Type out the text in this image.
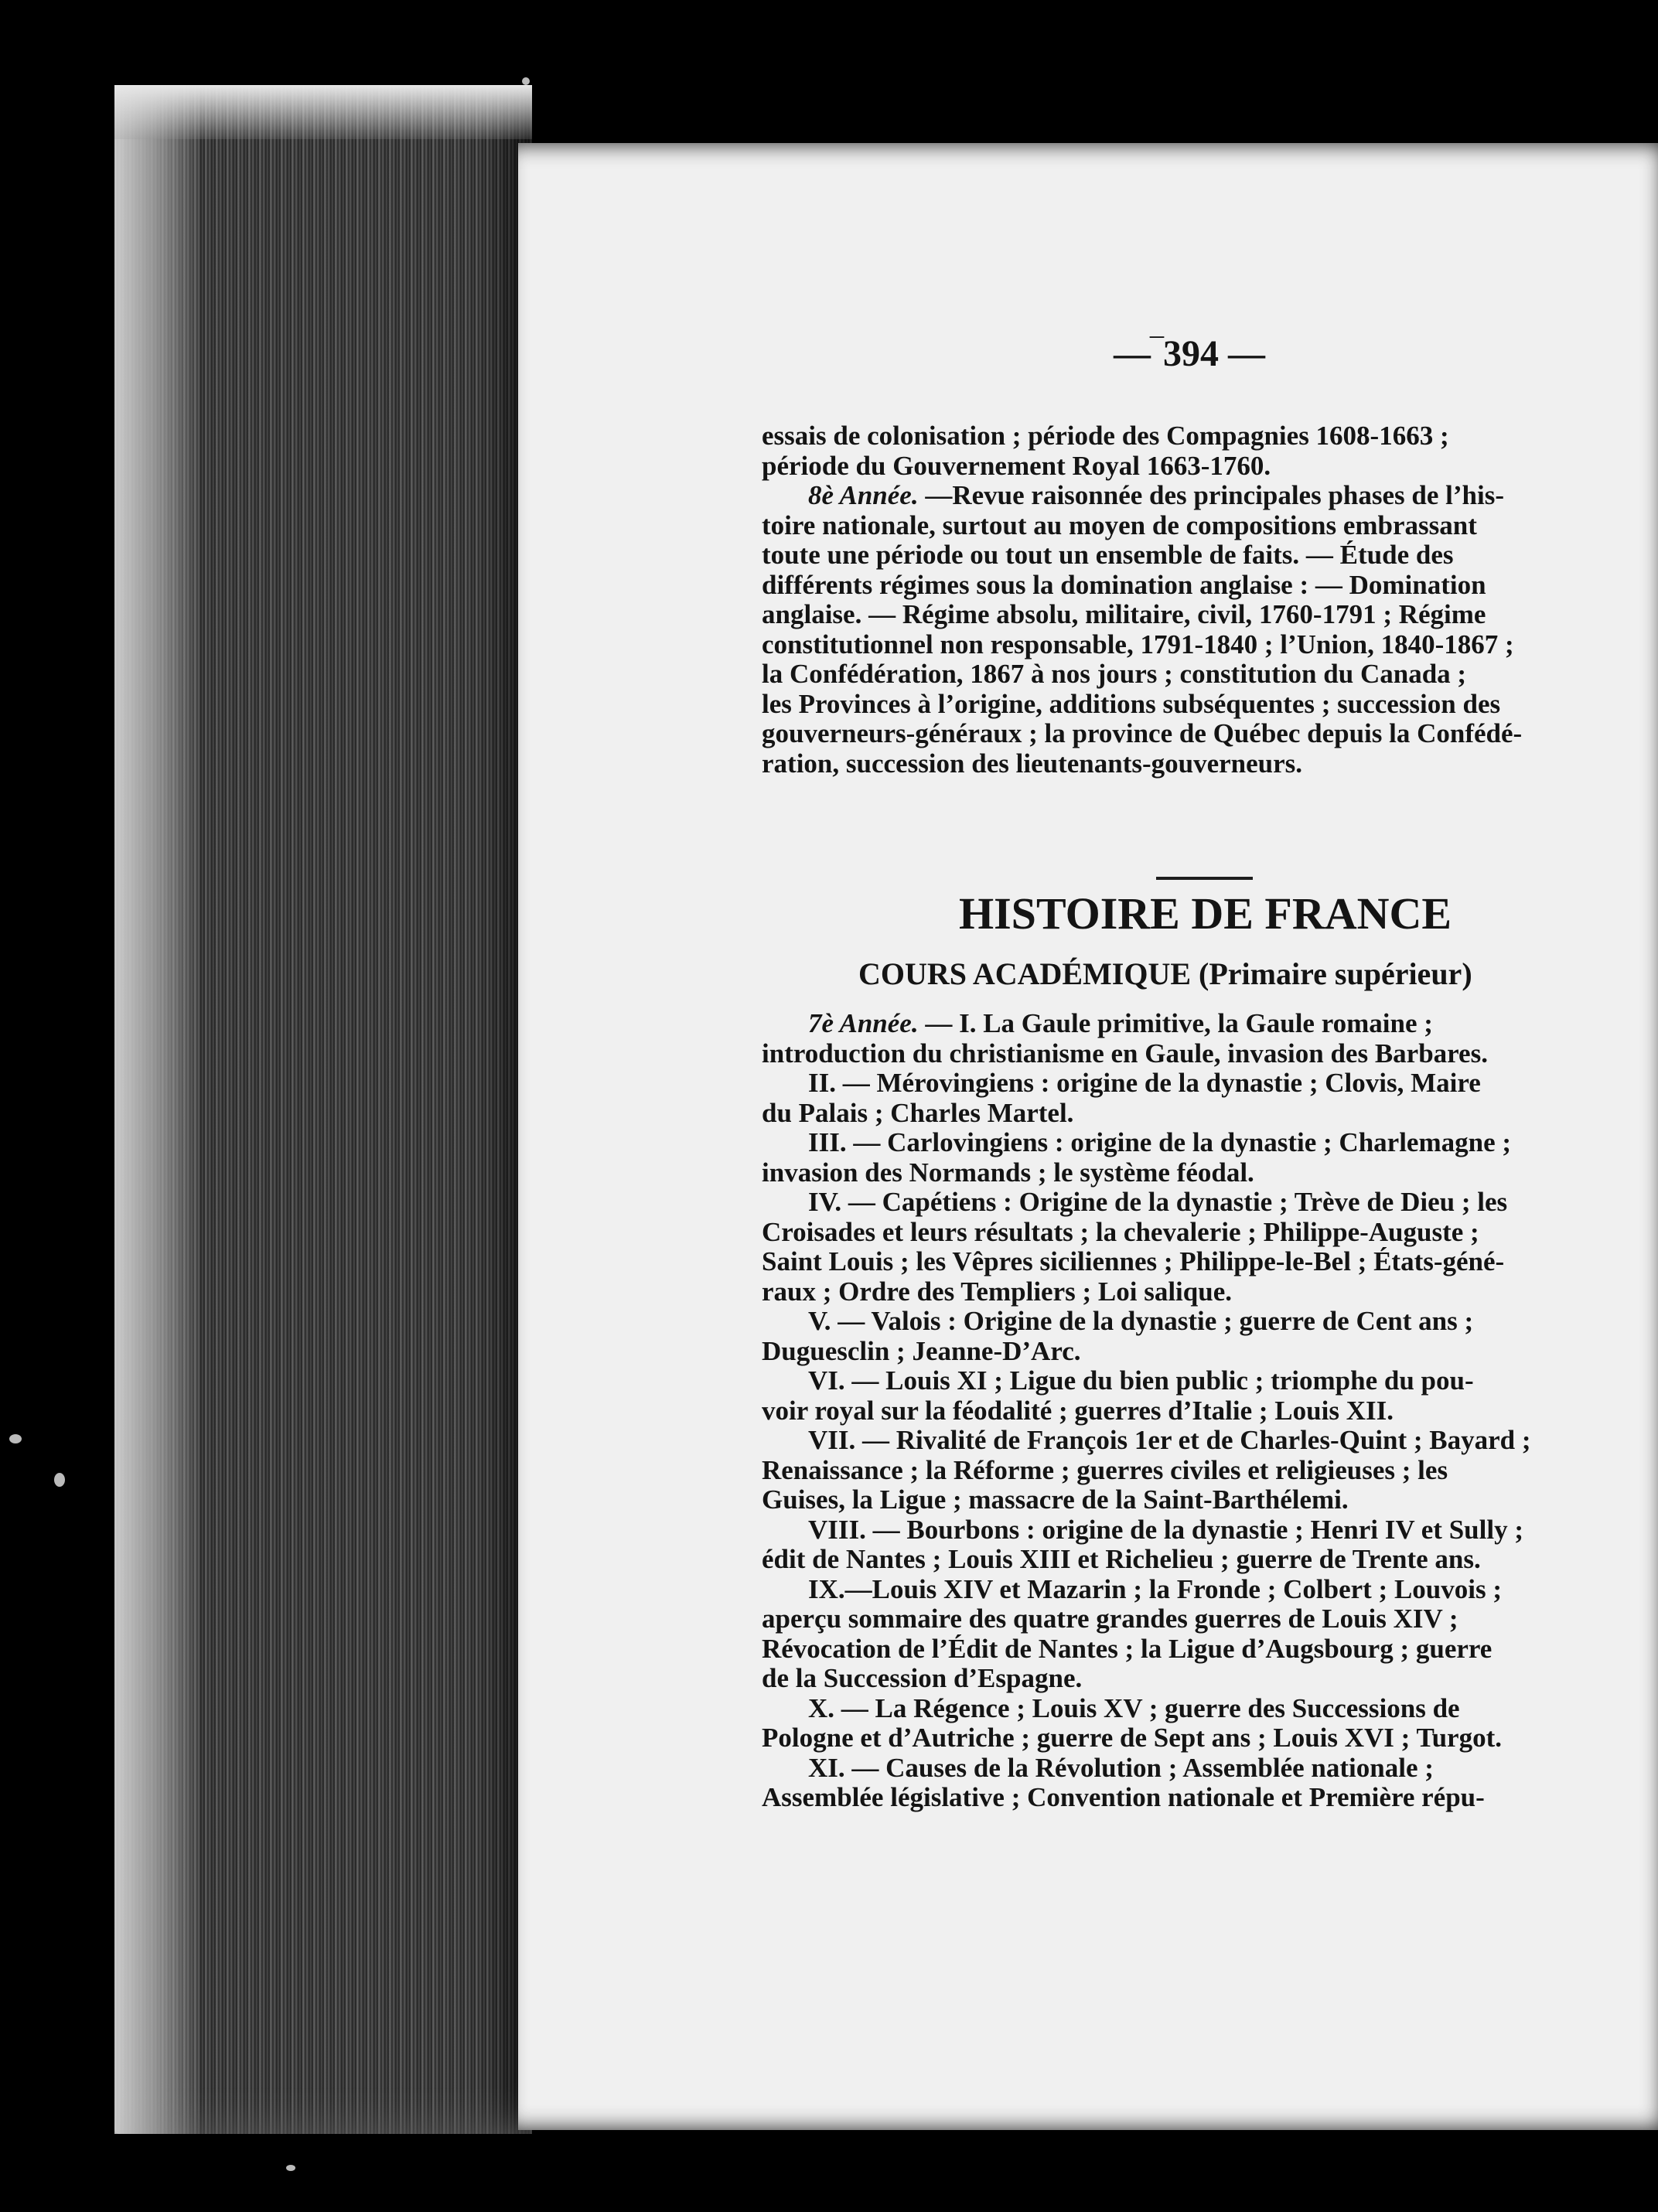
—‾394 —
essais de colonisation ; période des Compagnies 1608-1663 ;
période du Gouvernement Royal 1663-1760.
8è Année. —Revue raisonnée des principales phases de l’his-
toire nationale, surtout au moyen de compositions embrassant
toute une période ou tout un ensemble de faits. — Étude des
différents régimes sous la domination anglaise : — Domination
anglaise. — Régime absolu, militaire, civil, 1760-1791 ; Régime
constitutionnel non responsable, 1791-1840 ; l’Union, 1840-1867 ;
la Confédération, 1867 à nos jours ; constitution du Canada ;
les Provinces à l’origine, additions subséquentes ; succession des
gouverneurs-généraux ; la province de Québec depuis la Confédé-
ration, succession des lieutenants-gouverneurs.
HISTOIRE DE FRANCE
COURS ACADÉMIQUE (Primaire supérieur)
7è Année. — I. La Gaule primitive, la Gaule romaine ;
introduction du christianisme en Gaule, invasion des Barbares.
II. — Mérovingiens : origine de la dynastie ; Clovis, Maire
du Palais ; Charles Martel.
III. — Carlovingiens : origine de la dynastie ; Charlemagne ;
invasion des Normands ; le système féodal.
IV. — Capétiens : Origine de la dynastie ; Trève de Dieu ; les
Croisades et leurs résultats ; la chevalerie ; Philippe-Auguste ;
Saint Louis ; les Vêpres siciliennes ; Philippe-le-Bel ; États-géné-
raux ; Ordre des Templiers ; Loi salique.
V. — Valois : Origine de la dynastie ; guerre de Cent ans ;
Duguesclin ; Jeanne-D’Arc.
VI. — Louis XI ; Ligue du bien public ; triomphe du pou-
voir royal sur la féodalité ; guerres d’Italie ; Louis XII.
VII. — Rivalité de François 1er et de Charles-Quint ; Bayard ;
Renaissance ; la Réforme ; guerres civiles et religieuses ; les
Guises, la Ligue ; massacre de la Saint-Barthélemi.
VIII. — Bourbons : origine de la dynastie ; Henri IV et Sully ;
édit de Nantes ; Louis XIII et Richelieu ; guerre de Trente ans.
IX.—Louis XIV et Mazarin ; la Fronde ; Colbert ; Louvois ;
aperçu sommaire des quatre grandes guerres de Louis XIV ;
Révocation de l’Édit de Nantes ; la Ligue d’Augsbourg ; guerre
de la Succession d’Espagne.
X. — La Régence ; Louis XV ; guerre des Successions de
Pologne et d’Autriche ; guerre de Sept ans ; Louis XVI ; Turgot.
XI. — Causes de la Révolution ; Assemblée nationale ;
Assemblée législative ; Convention nationale et Première répu-
